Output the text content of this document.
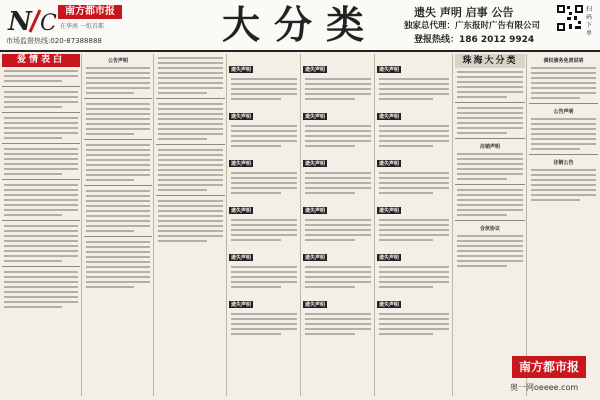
N C 南方都市报
在华南 一纸首都
市场监督热线:020-87388888	大分类	遗失 声明 启事 公告
独家总代理：广东报时广告有限公司
登报热线：186 2012 9924
扫码下单
爱情表白	公告声明
遗失声明
遗失声明
遗失声明
遗失声明
遗失声明
遗失声明
遗失声明
遗失声明
遗失声明
遗失声明
遗失声明
遗失声明
遗失声明
遗失声明
遗失声明
遗失声明
遗失声明
遗失声明
珠海大分类
注销声明
合伙协议
债权债务免责说明
公告声明
注销公告
南方都市报
奥一网oeeee.com
